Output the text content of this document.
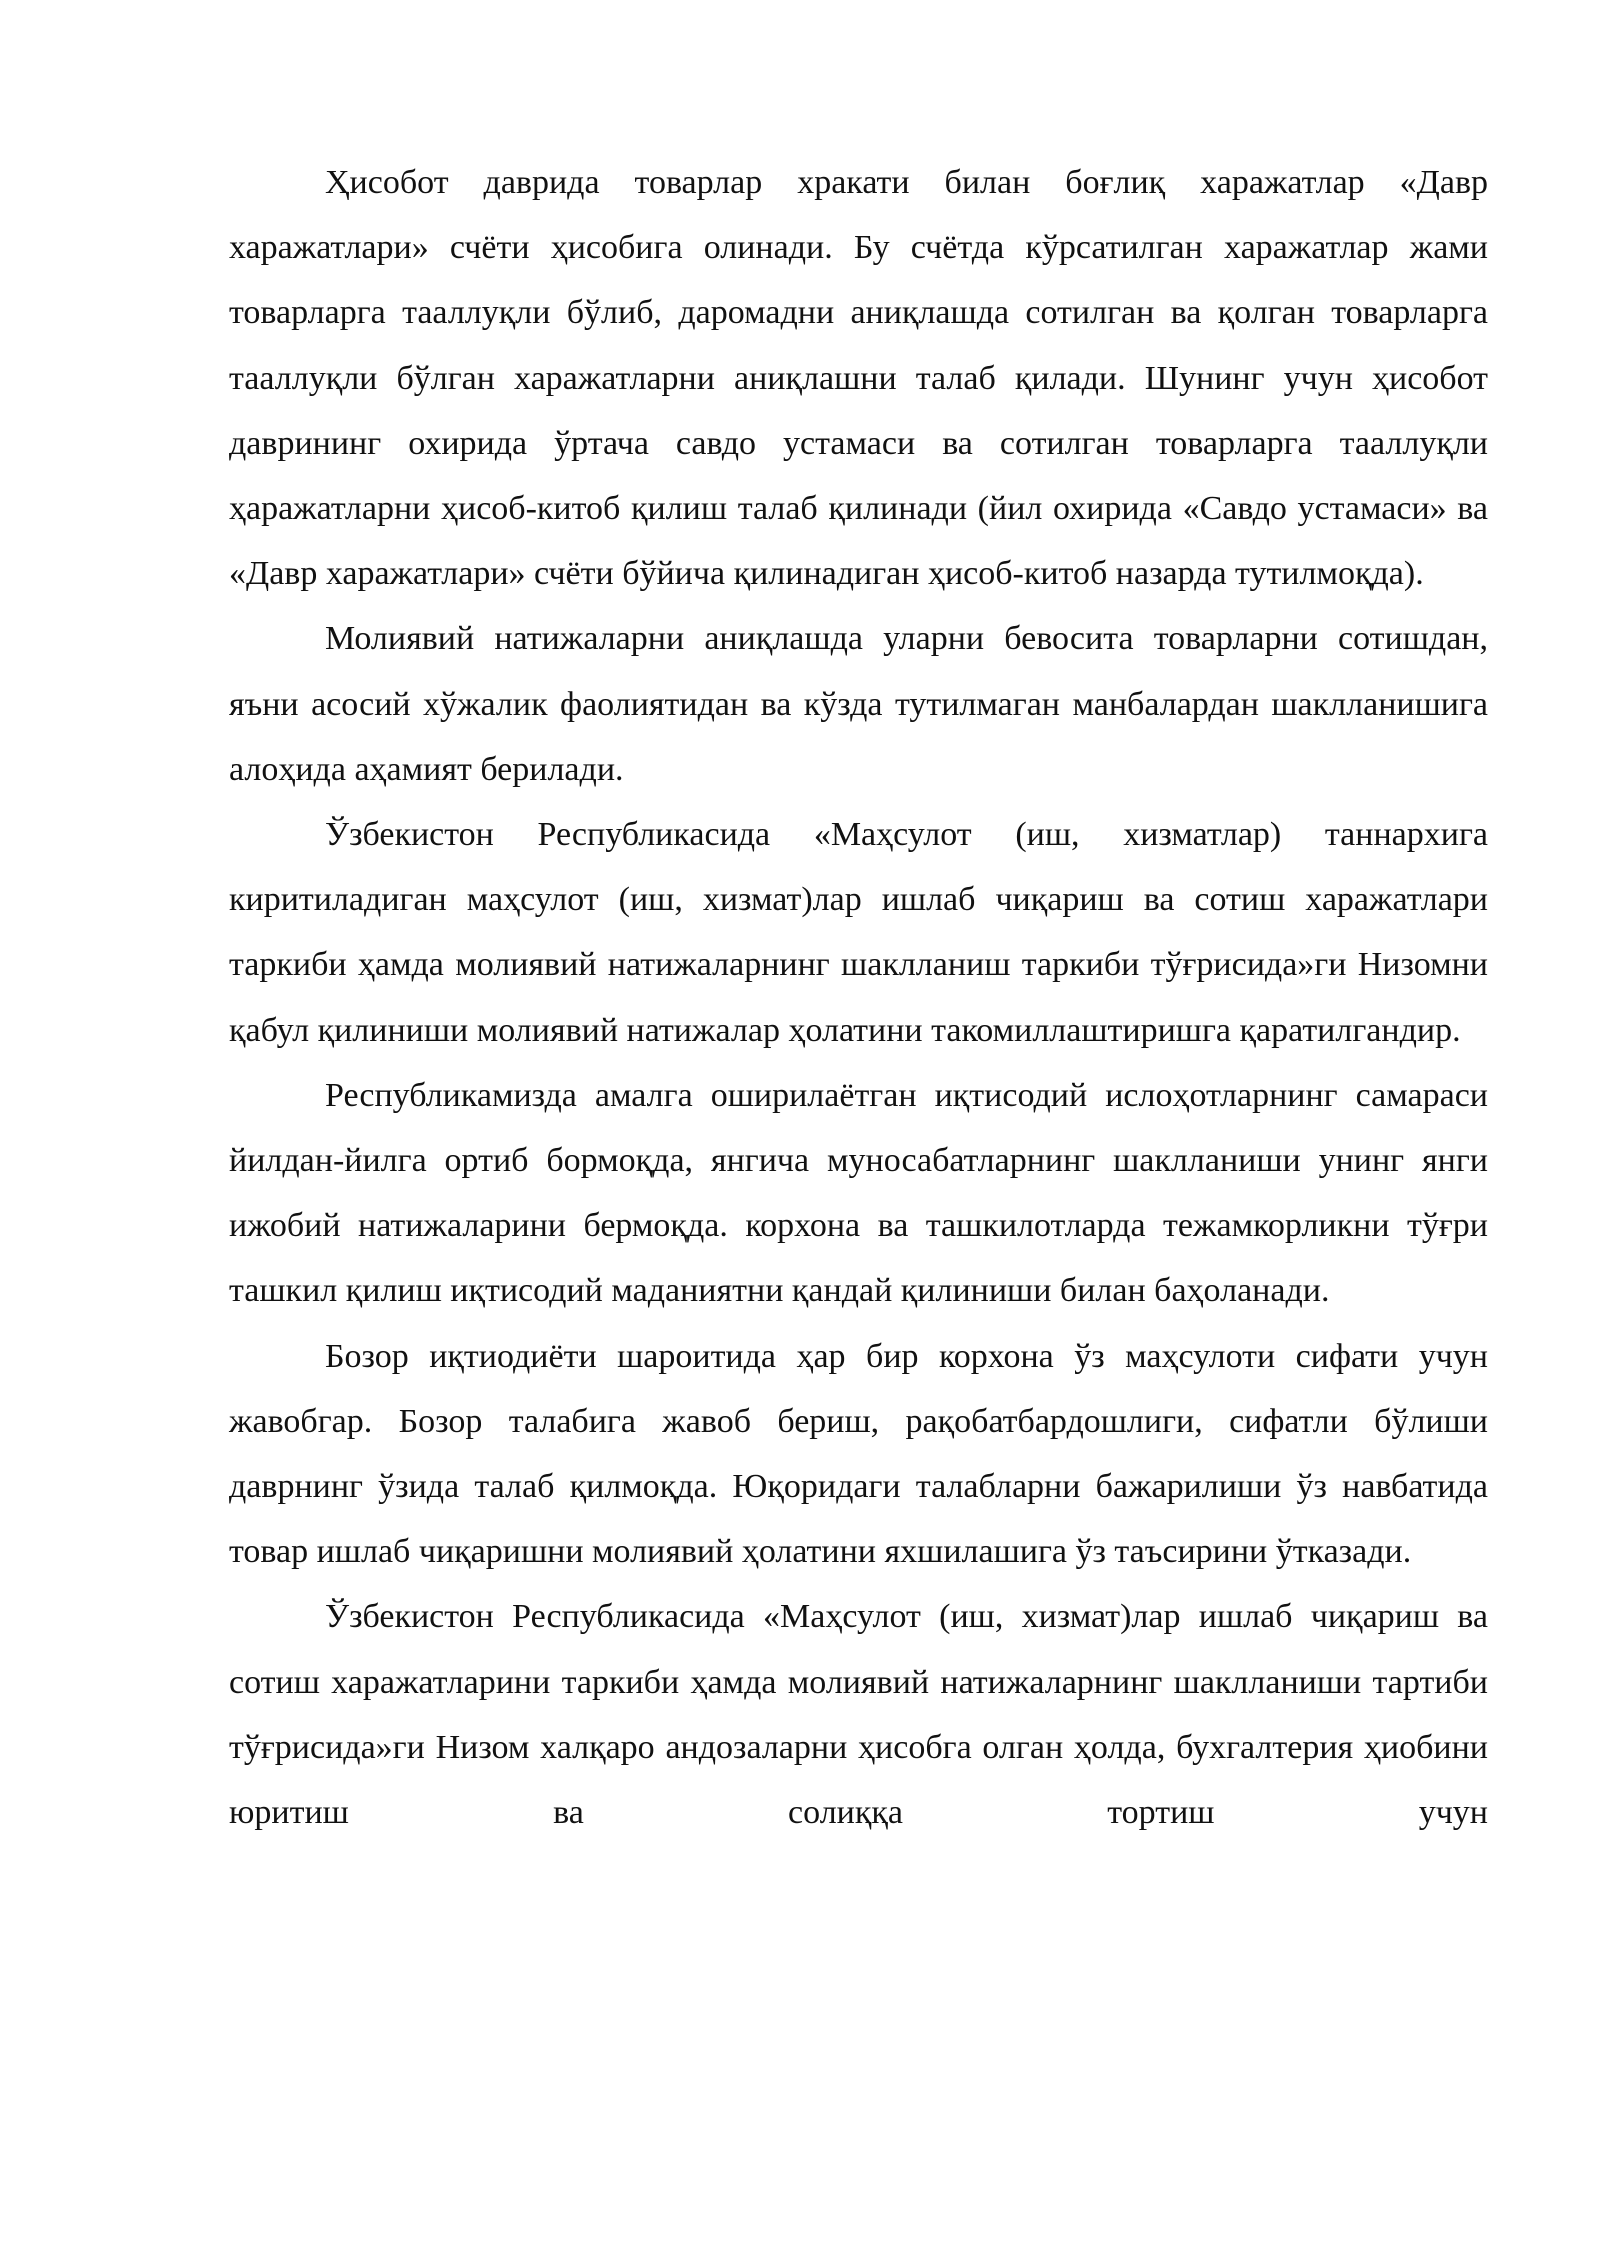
Ҳисобот даврида товарлар хракати билан боғлиқ харажатлар «Давр харажатлари» счёти ҳисобига олинади. Бу счётда кўрсатилган харажатлар жами товарларга тааллуқли бўлиб, даромадни аниқлашда сотилган ва қолган товарларга тааллуқли бўлган харажатларни аниқлашни талаб қилади. Шунинг учун ҳисобот даврининг охирида ўртача савдо устамаси ва сотилган товарларга тааллуқли ҳаражатларни ҳисоб-китоб қилиш талаб қилинади (йил охирида «Савдо устамаси» ва «Давр харажатлари» счёти бўйича қилинадиган ҳисоб-китоб назарда тутилмоқда).

Молиявий натижаларни аниқлашда уларни бевосита товарларни сотишдан, яъни асосий хўжалик фаолиятидан ва кўзда тутилмаган манбалардан шаклланишига алоҳида аҳамият берилади.

Ўзбекистон Республикасида «Маҳсулот (иш, хизматлар) таннархига киритиладиган маҳсулот (иш, хизмат)лар ишлаб чиқариш ва сотиш харажатлари таркиби ҳамда молиявий натижаларнинг шаклланиш таркиби тўғрисида»ги Низомни қабул қилиниши молиявий натижалар ҳолатини такомиллаштиришга қаратилгандир.

Республикамизда амалга оширилаётган иқтисодий ислоҳотларнинг самараси йилдан-йилга ортиб бормоқда, янгича муносабатларнинг шаклланиши унинг янги ижобий натижаларини бермоқда. корхона ва ташкилотларда тежамкорликни тўғри ташкил қилиш иқтисодий маданиятни қандай қилиниши билан баҳоланади.

Бозор иқтиодиёти шароитида ҳар бир корхона ўз маҳсулоти сифати учун жавобгар. Бозор талабига жавоб бериш, рақобатбардошлиги, сифатли бўлиши даврнинг ўзида талаб қилмоқда. Юқоридаги талабларни бажарилиши ўз навбатида товар ишлаб чиқаришни молиявий ҳолатини яхшилашига ўз таъсирини ўтказади.

Ўзбекистон Республикасида «Маҳсулот (иш, хизмат)лар ишлаб чиқариш ва сотиш харажатларини таркиби ҳамда молиявий натижаларнинг шаклланиши тартиби тўғрисида»ги Низом халқаро андозаларни ҳисобга олган ҳолда, бухгалтерия ҳиобини юритиш ва солиққа тортиш учун
